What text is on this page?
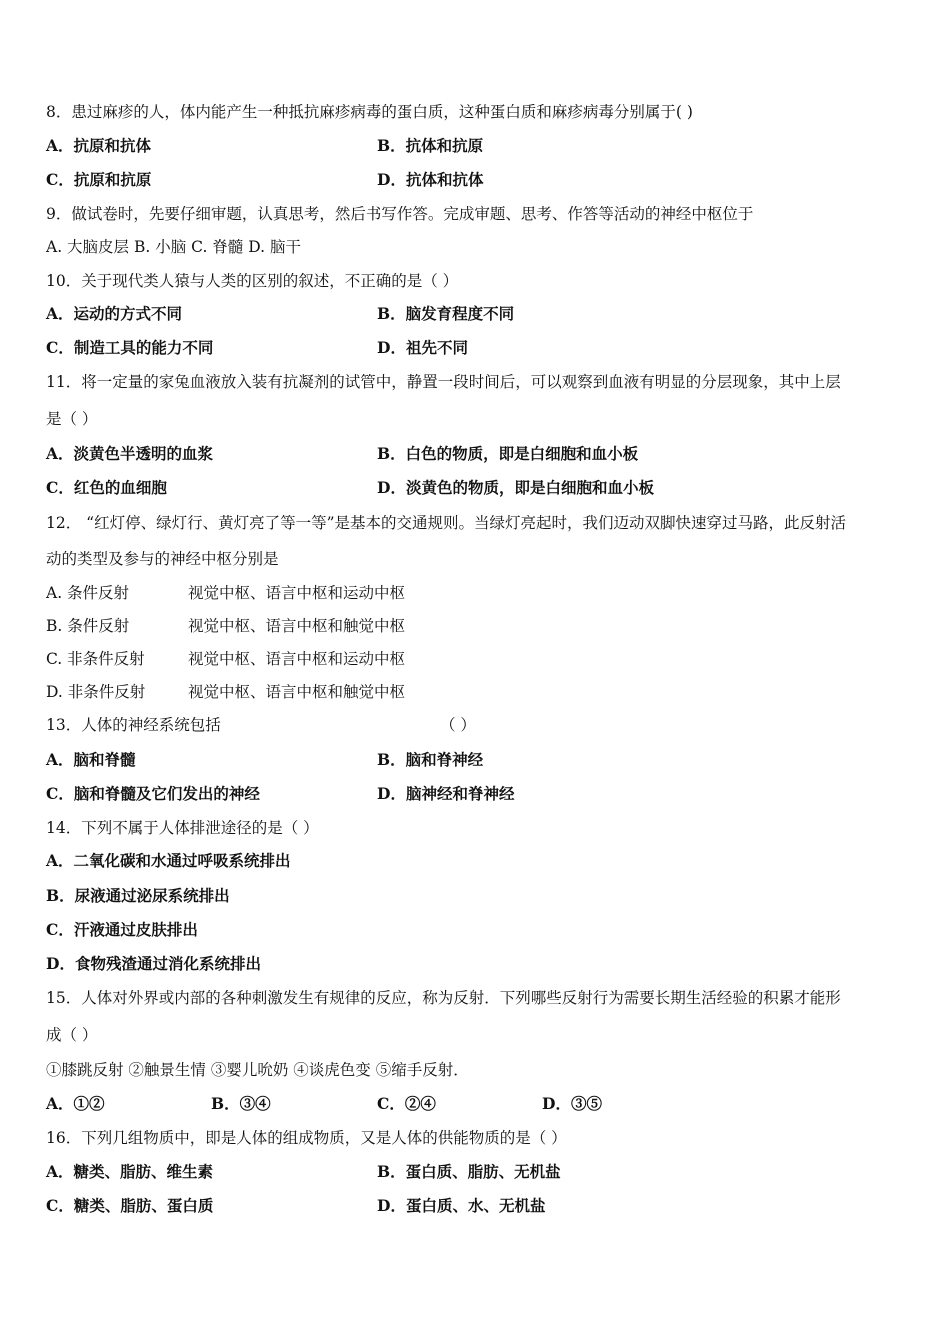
8．患过麻疹的人，体内能产生一种抵抗麻疹病毒的蛋白质，这种蛋白质和麻疹病毒分别属于( )
A．抗原和抗体	B．抗体和抗原
C．抗原和抗原	D．抗体和抗体
9．做试卷时，先要仔细审题，认真思考，然后书写作答。完成审题、思考、作答等活动的神经中枢位于
A. 大脑皮层 B. 小脑 C. 脊髓 D. 脑干
10．关于现代类人猿与人类的区别的叙述，不正确的是（ ）
A．运动的方式不同	B．脑发育程度不同
C．制造工具的能力不同	D．祖先不同
11．将一定量的家兔血液放入装有抗凝剂的试管中，静置一段时间后，可以观察到血液有明显的分层现象，其中上层
是（ ）
A．淡黄色半透明的血浆	B．白色的物质，即是白细胞和血小板
C．红色的血细胞	D．淡黄色的物质，即是白细胞和血小板
12． “红灯停、绿灯行、黄灯亮了等一等”是基本的交通规则。当绿灯亮起时，我们迈动双脚快速穿过马路，此反射活
动的类型及参与的神经中枢分别是
A. 条件反射	视觉中枢、语言中枢和运动中枢
B. 条件反射	视觉中枢、语言中枢和触觉中枢
C. 非条件反射	视觉中枢、语言中枢和运动中枢
D. 非条件反射	视觉中枢、语言中枢和触觉中枢
13．人体的神经系统包括	（ ）
A．脑和脊髓	B．脑和脊神经
C．脑和脊髓及它们发出的神经	D．脑神经和脊神经
14．下列不属于人体排泄途径的是（ ）
A．二氧化碳和水通过呼吸系统排出
B．尿液通过泌尿系统排出
C．汗液通过皮肤排出
D．食物残渣通过消化系统排出
15．人体对外界或内部的各种刺激发生有规律的反应，称为反射．下列哪些反射行为需要长期生活经验的积累才能形
成（ ）
①膝跳反射 ②触景生情 ③婴儿吮奶 ④谈虎色变 ⑤缩手反射．
A．①②	B．③④	C．②④	D．③⑤
16．下列几组物质中，即是人体的组成物质，又是人体的供能物质的是（ ）
A．糖类、脂肪、维生素	B．蛋白质、脂肪、无机盐
C．糖类、脂肪、蛋白质	D．蛋白质、水、无机盐
